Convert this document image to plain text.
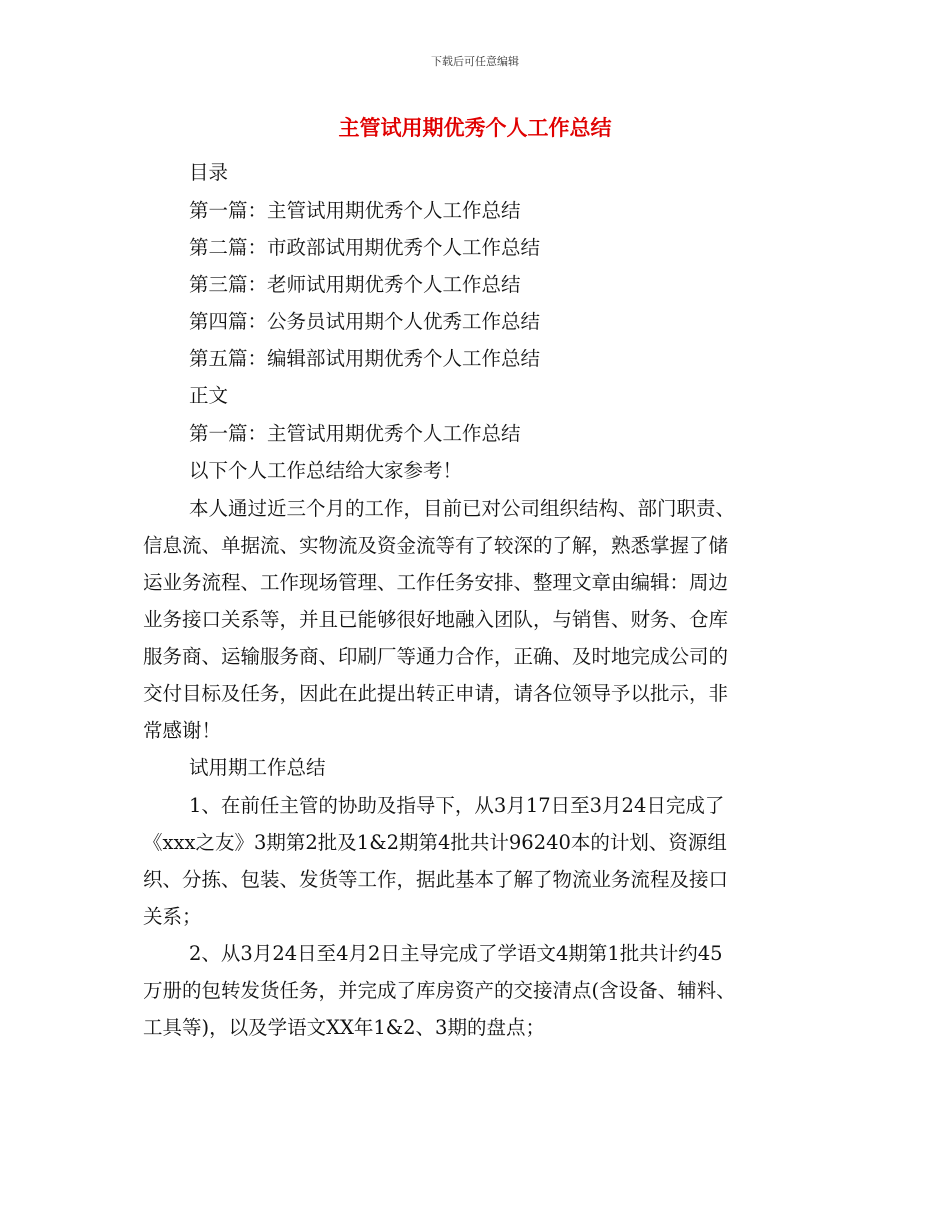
下载后可任意编辑
主管试用期优秀个人工作总结
目录
第一篇：主管试用期优秀个人工作总结
第二篇：市政部试用期优秀个人工作总结
第三篇：老师试用期优秀个人工作总结
第四篇：公务员试用期个人优秀工作总结
第五篇：编辑部试用期优秀个人工作总结
正文
第一篇：主管试用期优秀个人工作总结
以下个人工作总结给大家参考！
本人通过近三个月的工作，目前已对公司组织结构、部门职责、
信息流、单据流、实物流及资金流等有了较深的了解，熟悉掌握了储
运业务流程、工作现场管理、工作任务安排、整理文章由编辑：周边
业务接口关系等，并且已能够很好地融入团队，与销售、财务、仓库
服务商、运输服务商、印刷厂等通力合作，正确、及时地完成公司的
交付目标及任务，因此在此提出转正申请，请各位领导予以批示，非
常感谢！
试用期工作总结
1、在前任主管的协助及指导下，从3月17日至3月24日完成了
《xxx之友》3期第2批及1&2期第4批共计96240本的计划、资源组
织、分拣、包装、发货等工作，据此基本了解了物流业务流程及接口
关系；
2、从3月24日至4月2日主导完成了学语文4期第1批共计约45
万册的包转发货任务，并完成了库房资产的交接清点(含设备、辅料、
工具等)，以及学语文XX年1&2、3期的盘点；
